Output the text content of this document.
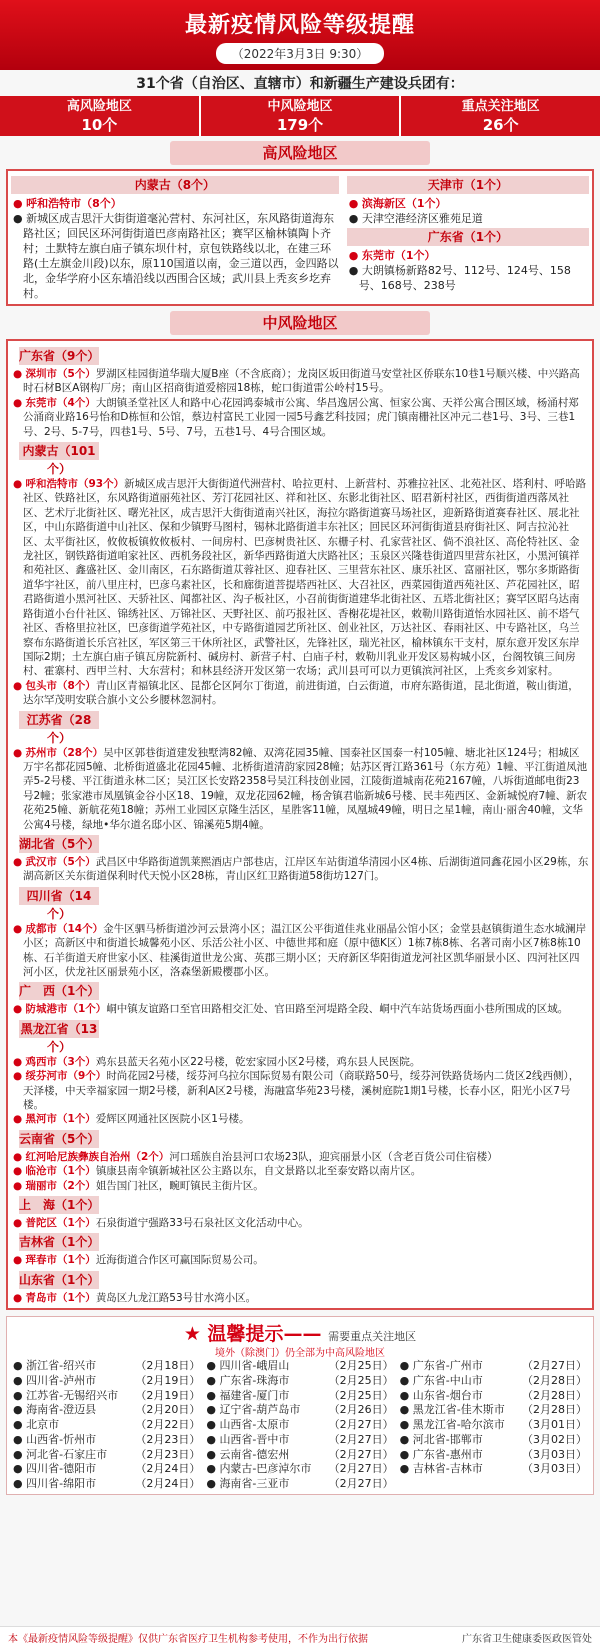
最新疫情风险等级提醒
（2022年3月3日 9:30）
31个省（自治区、直辖市）和新疆生产建设兵团有：
高风险地区
10个
中风险地区
179个
重点关注地区
26个
高风险地区
内蒙古（8个）
● 呼和浩特市（8个）
● 新城区成吉思汗大街街道毫沁营村、东河社区，东风路街道海东路社区；回民区环河街街道巴彦南路社区；赛罕区榆林镇陶卜齐村；土默特左旗白庙子镇东坝什村，京包铁路线以北，在建三环路(土左旗金川段)以东，原110国道以南，金三道以西，金四路以北，金华学府小区东墙沿线以西围合区域；武川县上秃亥乡圪弃村。
天津市（1个）
● 滨海新区（1个）
● 天津空港经济区雅苑足道
广东省（1个）
● 东莞市（1个）
● 大朗镇杨新路82号、112号、124号、158号、168号、238号
中风险地区
广东省（9个）
● 深圳市（5个）罗湖区桂园街道华瑞大厦B座（不含底商）；龙岗区坂田街道马安堂社区侨联东10巷1号顺兴楼、中兴路高时石材B区A钢构厂房；南山区招商街道爱榕园18栋，蛇口街道雷公岭村15号。
● 东莞市（4个）大朗镇圣堂社区人和路中心花园鸿泰城市公寓、华昌逸居公寓、恒家公寓、天祥公寓合围区域，杨涌村郑公涌商业路16号怡和D栋恒和公馆，蔡边村富民工业园一园5号鑫艺科技园；虎门镇南栅社区冲元二巷1号、3号、三巷1号、2号、5-7号，四巷1号、5号、7号，五巷1号、4号合围区域。
内蒙古（101个）
● 呼和浩特市（93个）新城区成吉思汗大街街道代洲营村、哈拉更村、上新营村、苏雅拉社区、北苑社区、塔利村、呼哈路社区、铁路社区，东风路街道丽苑社区、芳汀花园社区、祥和社区、东影北街社区、昭君新村社区，西街街道西落凤社区、艺术厅北街社区、曙光社区，成吉思汗大街街道南兴社区，海拉尔路街道赛马场社区，迎新路街道赛春社区、展北社区，中山东路街道中山社区、保和少镇野马图村，锡林北路街道丰东社区；回民区环河街街道县府街社区、阿吉拉沁社区、太平街社区，攸攸板镇攸攸板村、一间房村、巴彦树贵社区、东栅子村、孔家营社区、倘不浪社区、高伦特社区、金龙社区，钢铁路街道咱家社区、西机务段社区，新华西路街道大庆路社区；玉泉区兴隆巷街道四里营东社区，小黑河镇祥和苑社区、鑫盛社区、金川南区，石东路街道苁蓉社区、迎春社区、三里营东社区、康乐社区、富丽社区，鄂尔多斯路街道华宇社区，前八里庄村，巴彦乌素社区，长和廊街道菩提塔西社区、大召社区，西菜园街道西苑社区、芦花园社区，昭君路街道小黑河社区、天骄社区、闻都社区、沟子板社区，小召前街街道建华北街社区、五塔北街社区；赛罕区昭乌达南路街道小台什社区、锦绣社区、万锦社区、天野社区、前巧报社区、香榭花堤社区，敕勒川路街道怡水园社区、前不塔气社区、香格里拉社区，巴彦街道学苑社区，中专路街道园艺所社区、创业社区，万达社区、春雨社区、中专路社区，乌兰察布东路街道长乐宫社区，军区第三干休所社区，武警社区，先锋社区，瑞光社区，榆林镇东干支村，原东意开发区东岸国际2期；土左旗白庙子镇瓦房院新村、碱房村、新营子村、白庙子村，敕勒川乳业开发区易构城小区，台阁牧镇三间房村、霍寨村、西甲兰村、大东营村；和林县经济开发区第一农场；武川县可可以力更镇滨河社区，上秃亥乡刘家村。
● 包头市（8个）青山区青福镇北区、昆都仑区阿尔丁街道，前进街道，白云街道，市府东路街道，昆北街道，鞍山街道，达尔罕茂明安联合旗小文公乡腰林忽洞村。
江苏省（28个）
● 苏州市（28个）吴中区郭巷街道建发独墅湾82幢、双湾花园35幢、国泰社区国泰一村105幢、塘北社区124号；相城区万宇名都花园5幢、北桥街道盛北花园45幢、北桥街道清韵家园28幢；姑苏区胥江路361号（东方苑）1幢、平江街道凤池弄5-2号楼、平江街道永林二区；吴江区长安路2358号吴江科技创业园，江陵街道城南花苑2167幢，八坼街道邮电街23号2幢；张家港市凤凰镇金谷小区18、19幢，双龙花园62幢，杨舍镇君临新城6号楼、民丰苑西区、金新城悦府7幢、新农花苑25幢、新航花苑18幢；苏州工业园区京隆生活区，星胜客11幢，凤凰城49幢，明日之星1幢，南山·丽舍40幢，文华公寓4号楼，绿地•华尔道名邸小区、锦溪苑5期4幢。
湖北省（5个）
● 武汉市（5个）武昌区中华路街道凯莱熙酒店户部巷店，江岸区车站街道华清园小区4栋、后湖街道同鑫花园小区29栋，东湖高新区关东街道保利时代天悦小区28栋，青山区红卫路街道58街坊127门。
四川省（14个）
● 成都市（14个）金牛区驷马桥街道沙河云景湾小区；温江区公平街道佳兆业丽晶公馆小区；金堂县赵镇街道生态水城澜岸小区；高新区中和街道长城馨苑小区、乐活公社小区、中德世邦和庭（原中德K区）1栋7栋8栋、名著司南小区7栋8栋10栋、石羊街道天府世家小区、桂溪街道世龙公寓、英郡三期小区；天府新区华阳街道龙河社区凯华丽景小区、四河社区四河小区，伏龙社区丽景苑小区，洛森堡新殿樱郡小区。
广　西（1个）
● 防城港市（1个）峒中镇友谊路口至官田路相交汇处、官田路至河堤路全段、峒中汽车站货场西面小巷所围成的区域。
黑龙江省（13个）
● 鸡西市（3个）鸡东县蓝天名苑小区22号楼，乾宏家园小区2号楼，鸡东县人民医院。
● 绥芬河市（9个）时尚花园2号楼，绥芬河乌拉尔国际贸易有限公司（商联路50号，绥芬河铁路货场内二货区2线西侧），天泽楼，中天幸福家园一期2号楼，新利A区2号楼，海融富华苑23号楼，溪树庭院1期1号楼，长春小区，阳光小区7号楼。
● 黑河市（1个）爱辉区网通社区医院小区1号楼。
云南省（5个）
● 红河哈尼族彝族自治州（2个）河口瑶族自治县河口农场23队，迎宾丽景小区（含老百货公司住宿楼）
● 临沧市（1个）镇康县南伞镇新城社区公主路以东，自文景路以北至泰安路以南片区。
● 瑞丽市（2个）姐告国门社区，畹町镇民主街片区。
上　海（1个）
● 普陀区（1个）石泉街道宁强路33号石泉社区文化活动中心。
吉林省（1个）
● 珲春市（1个）近海街道合作区可赢国际贸易公司。
山东省（1个）
● 青岛市（1个）黄岛区九龙江路53号甘水湾小区。
★ 温馨提示—— 需要重点关注地区
境外（除澳门）仍全部为中高风险地区
● 浙江省-绍兴市	（2月18日） ● 四川省-峨眉山	（2月25日） ● 广东省-广州市	（2月27日）
● 四川省-泸州市	（2月19日） ● 广东省-珠海市	（2月25日） ● 广东省-中山市	（2月28日）
● 江苏省-无锡绍兴市 （2月19日） ● 福建省-厦门市	（2月25日） ● 山东省-烟台市	（2月28日）
● 海南省-澄迈县	（2月20日） ● 辽宁省-葫芦岛市	（2月26日） ● 黑龙江省-佳木斯市 （2月28日）
● 北京市	（2月22日） ● 山西省-太原市	（2月27日） ● 黑龙江省-哈尔滨市 （3月01日）
● 山西省-忻州市	（2月23日） ● 山西省-晋中市	（2月27日） ● 河北省-邯郸市	（3月02日）
● 河北省-石家庄市	（2月23日） ● 云南省-德宏州	（2月27日） ● 广东省-惠州市	（3月03日）
● 四川省-德阳市	（2月24日） ● 内蒙古-巴彦淖尔市 （2月27日） ● 吉林省-吉林市	（3月03日）
● 四川省-绵阳市	（2月24日） ● 海南省-三亚市	（2月27日）
本《最新疫情风险等级提醒》仅供广东省医疗卫生机构参考使用，不作为出行依据	广东省卫生健康委医政医管处
